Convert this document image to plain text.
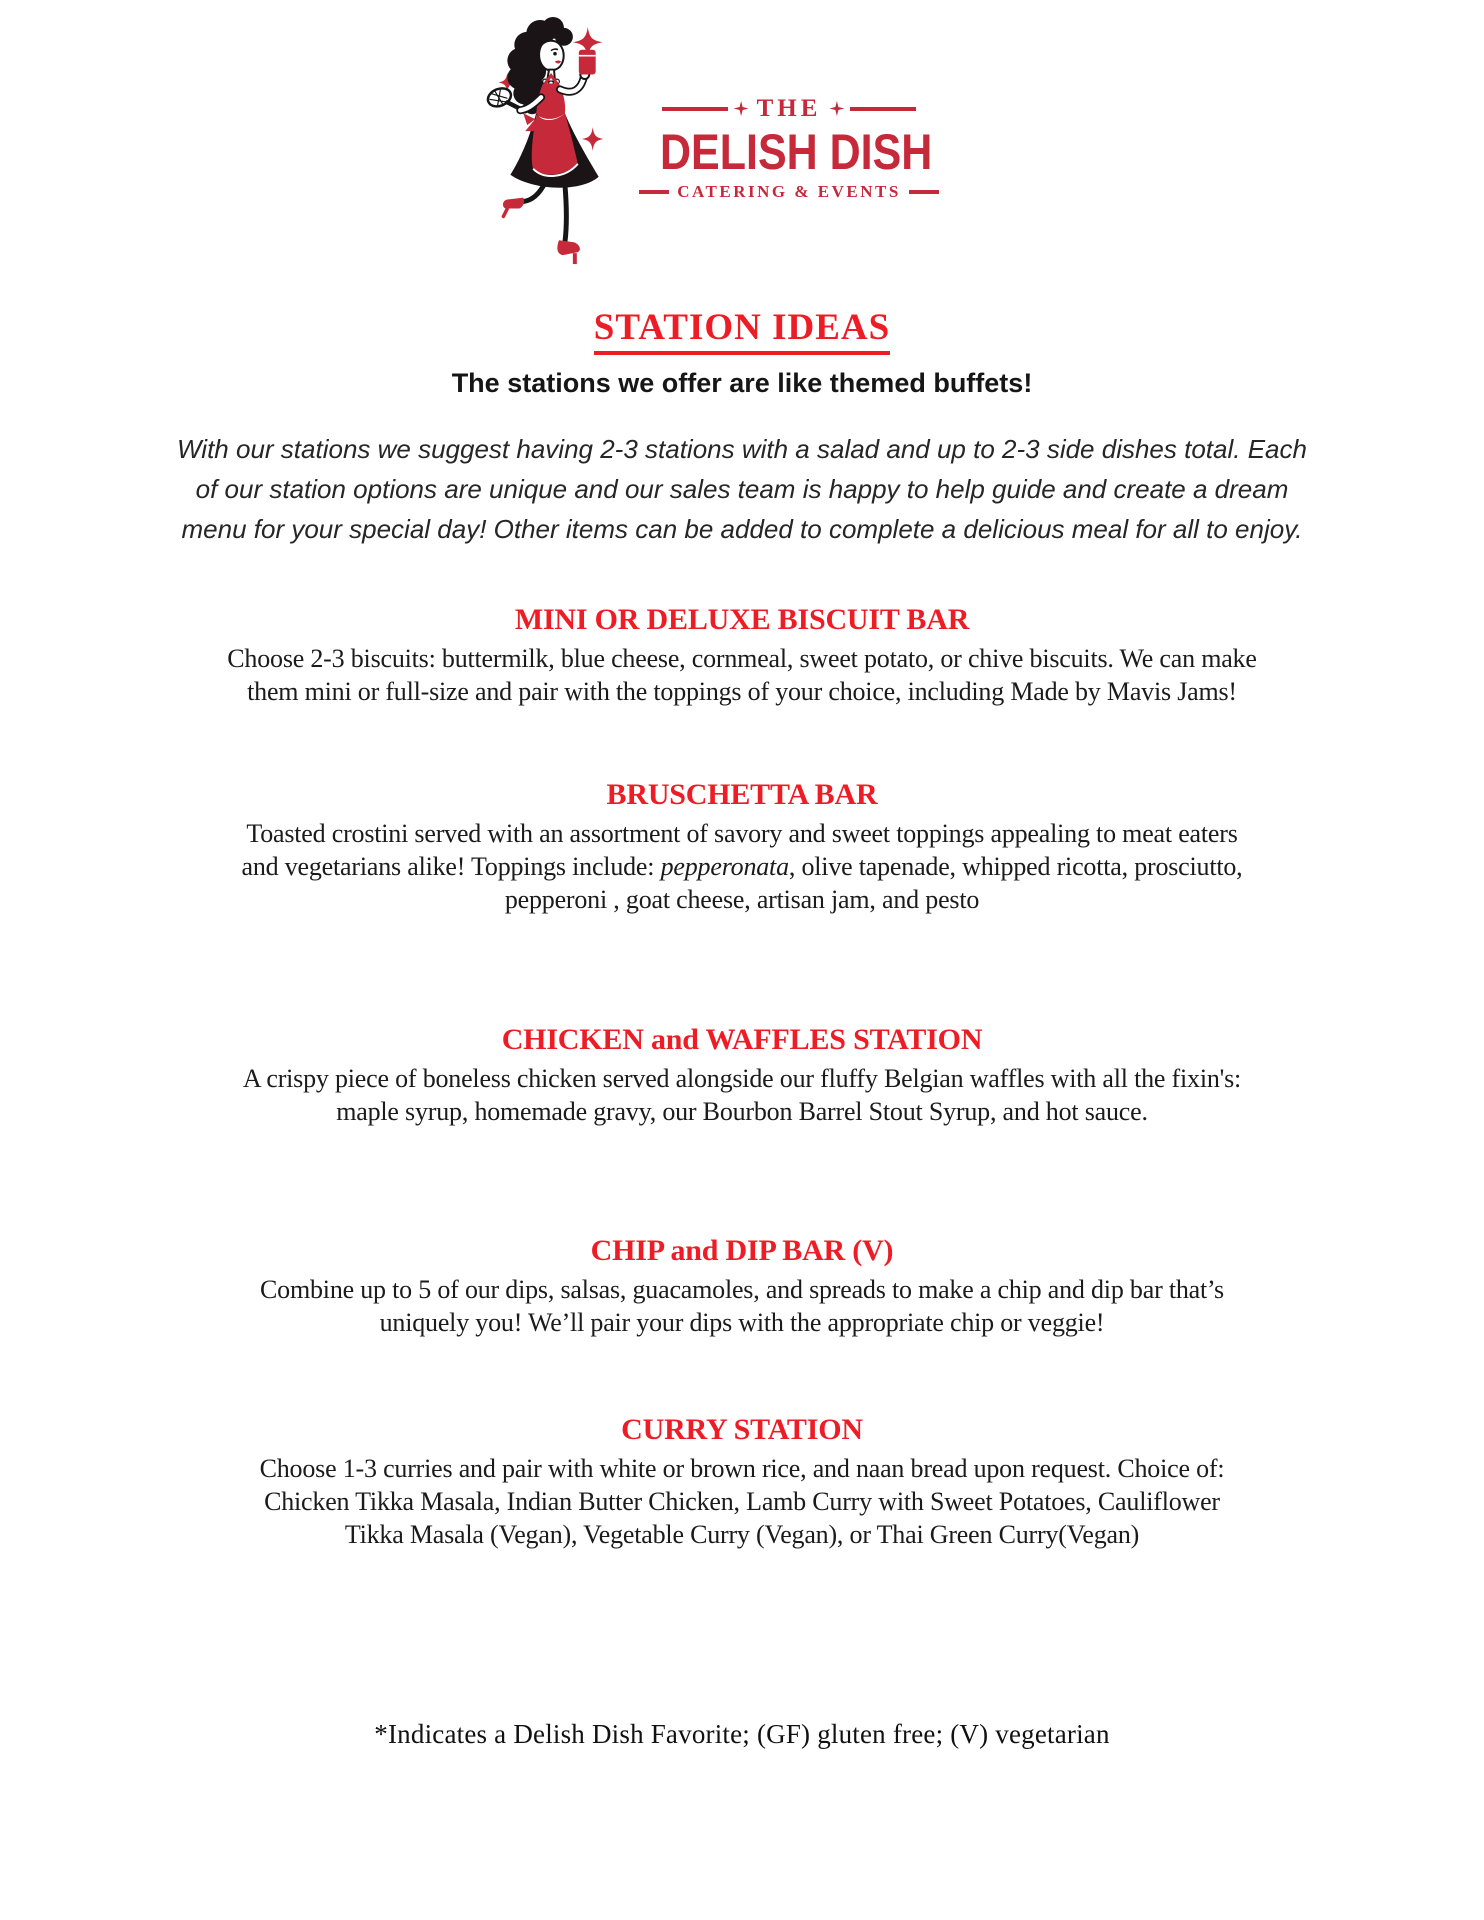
THE
DELISH DISH
CATERING & EVENTS
STATION IDEAS
The stations we offer are like themed buffets!

With our stations we suggest having 2-3 stations with a salad and up to 2-3 side dishes total. Each of our station options are unique and our sales team is happy to help guide and create a dream menu for your special day! Other items can be added to complete a delicious meal for all to enjoy.

MINI OR DELUXE BISCUIT BAR

Choose 2-3 biscuits: buttermilk, blue cheese, cornmeal, sweet potato, or chive biscuits. We can make them mini or full-size and pair with the toppings of your choice, including Made by Mavis Jams!

BRUSCHETTA BAR

Toasted crostini served with an assortment of savory and sweet toppings appealing to meat eaters and vegetarians alike! Toppings include: pepperonata, olive tapenade, whipped ricotta, prosciutto, pepperoni , goat cheese, artisan jam, and pesto

CHICKEN and WAFFLES STATION

A crispy piece of boneless chicken served alongside our fluffy Belgian waffles with all the fixin's: maple syrup, homemade gravy, our Bourbon Barrel Stout Syrup, and hot sauce.

CHIP and DIP BAR (V)

Combine up to 5 of our dips, salsas, guacamoles, and spreads to make a chip and dip bar that’s uniquely you! We’ll pair your dips with the appropriate chip or veggie!

CURRY STATION

Choose 1-3 curries and pair with white or brown rice, and naan bread upon request. Choice of: Chicken Tikka Masala, Indian Butter Chicken, Lamb Curry with Sweet Potatoes, Cauliflower Tikka Masala (Vegan), Vegetable Curry (Vegan), or Thai Green Curry(Vegan)

*Indicates a Delish Dish Favorite; (GF) gluten free; (V) vegetarian
